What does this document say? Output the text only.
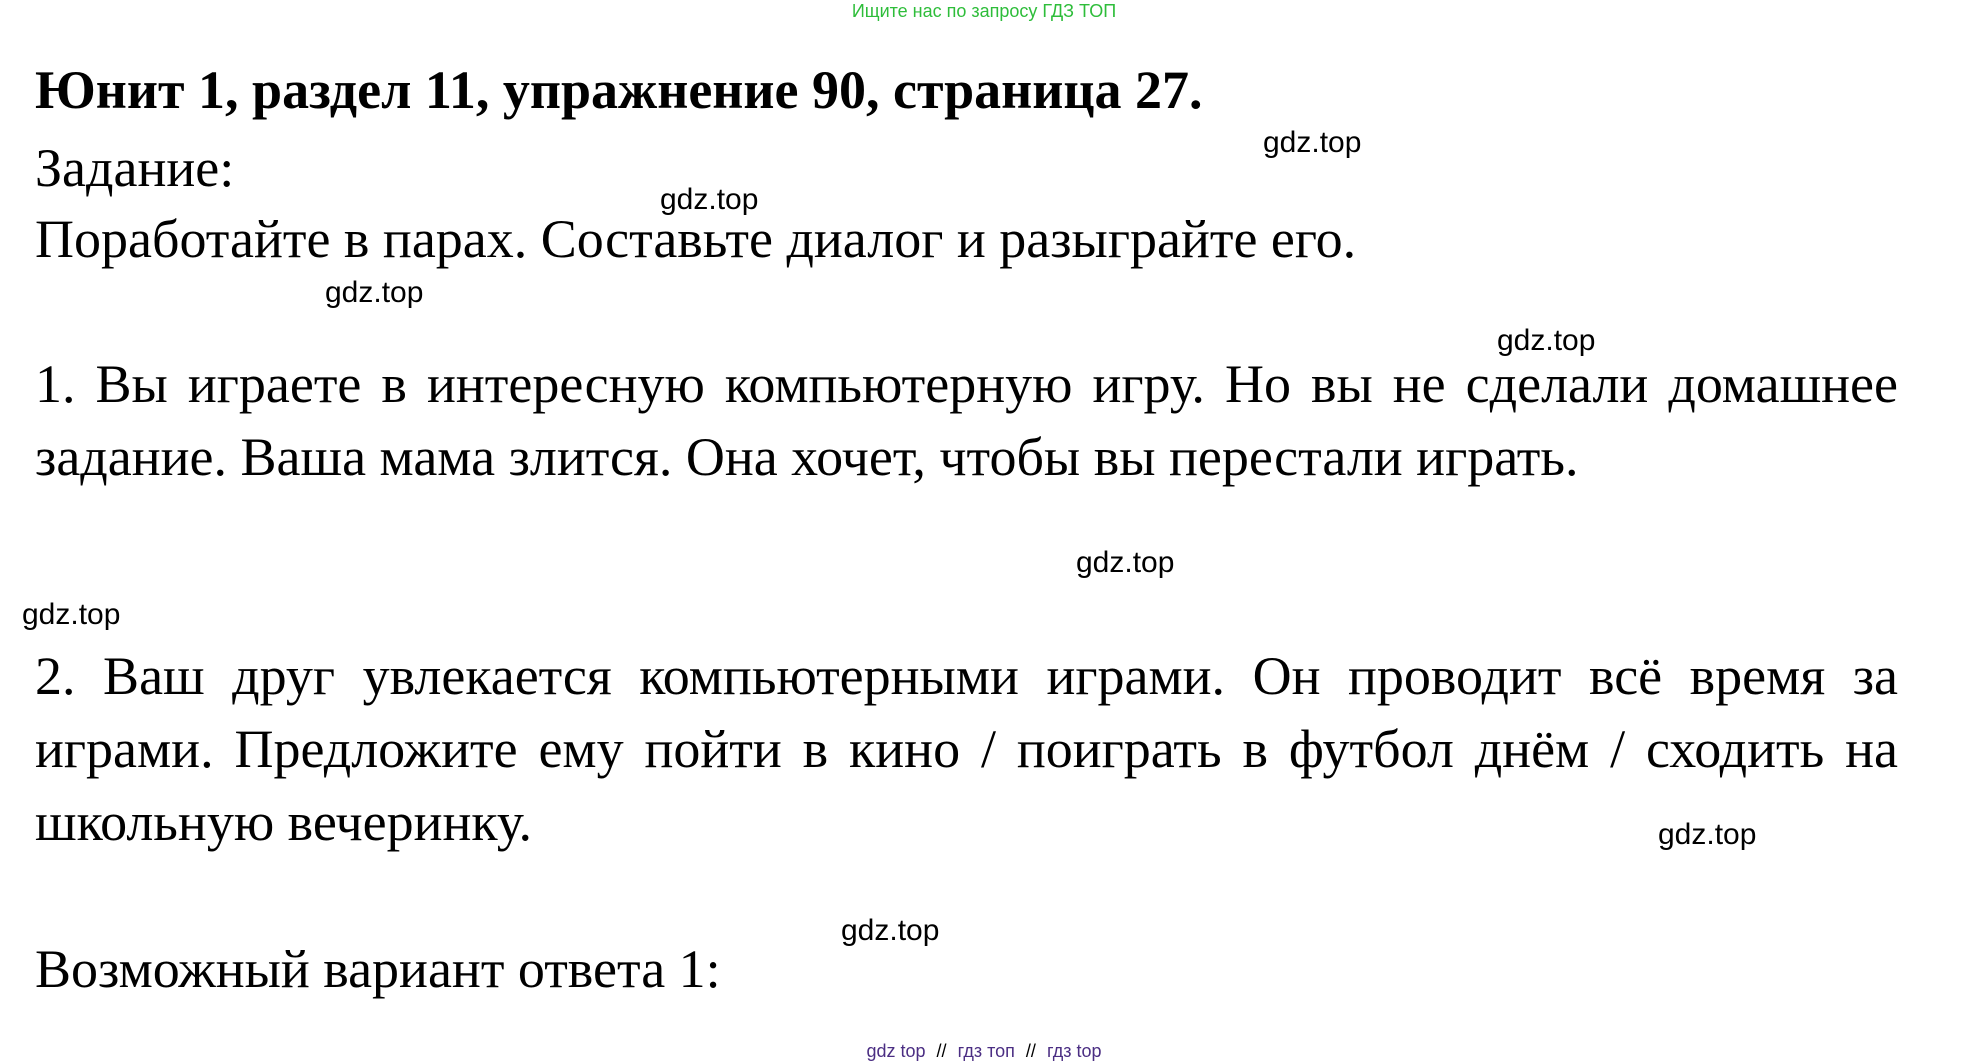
Ищите нас по запросу ГДЗ ТОП
Юнит 1, раздел 11, упражнение 90, страница 27.
Задание:
Поработайте в парах. Составьте диалог и разыграйте его.
1. Вы играете в интересную компьютерную игру. Но вы не сделали домашнее задание. Ваша мама злится. Она хочет, чтобы вы перестали играть.
2. Ваш друг увлекается компьютерными играми. Он проводит всё время за играми. Предложите ему пойти в кино / поиграть в футбол днём / сходить на школьную вечеринку.
Возможный вариант ответа 1:
gdz.top
gdz.top
gdz.top
gdz.top
gdz.top
gdz.top
gdz.top
gdz.top
gdz top // гдз топ // гдз top
